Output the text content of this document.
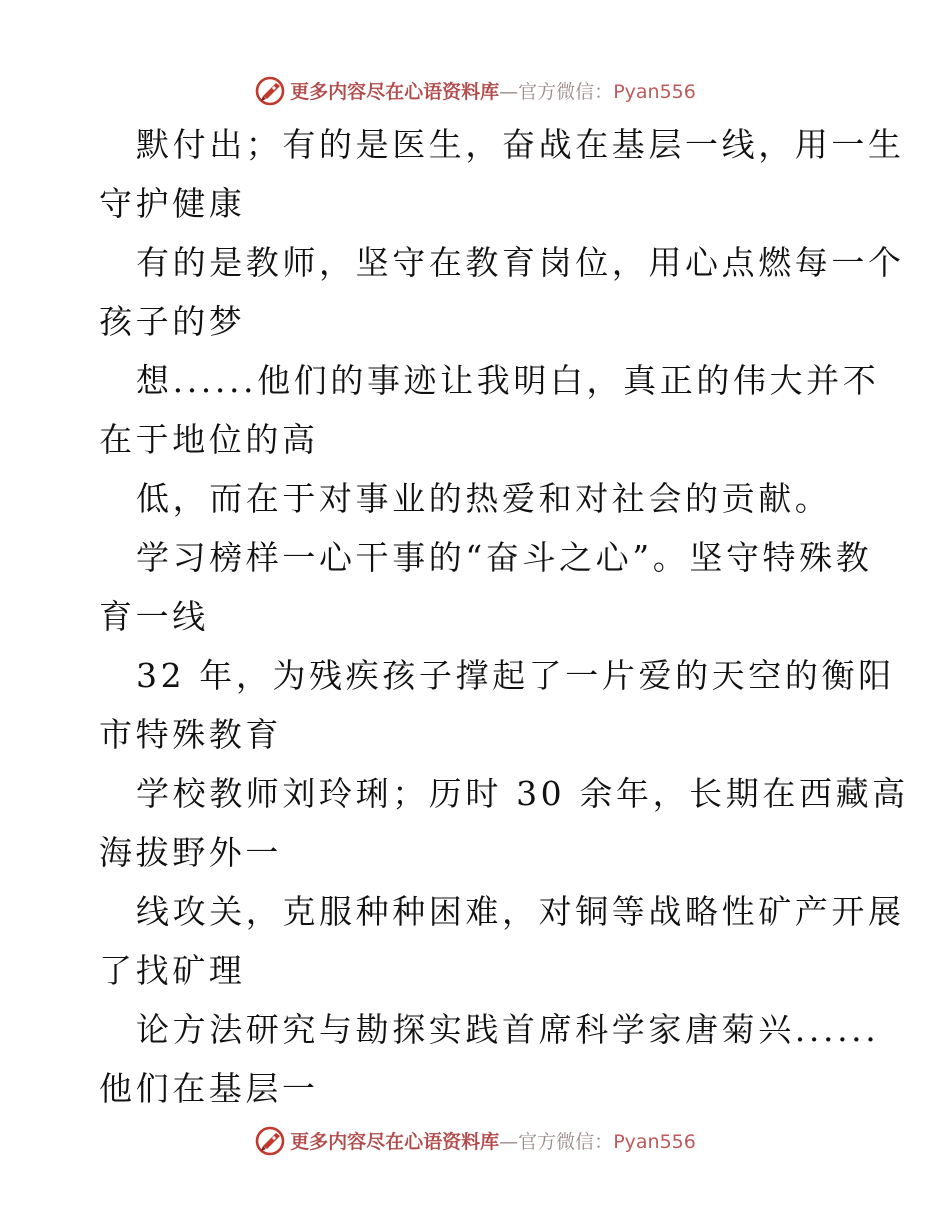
更多内容尽在心语资料库—官方微信：Pyan556
默付出；有的是医生，奋战在基层一线，用一生
守护健康
有的是教师，坚守在教育岗位，用心点燃每一个
孩子的梦
想......他们的事迹让我明白，真正的伟大并不
在于地位的高
低，而在于对事业的热爱和对社会的贡献。
学习榜样一心干事的“奋斗之心”。坚守特殊教
育一线
32 年，为残疾孩子撑起了一片爱的天空的衡阳
市特殊教育
学校教师刘玲琍；历时 30 余年，长期在西藏高
海拔野外一
线攻关，克服种种困难，对铜等战略性矿产开展
了找矿理
论方法研究与勘探实践首席科学家唐菊兴......
他们在基层一
更多内容尽在心语资料库—官方微信：Pyan556
